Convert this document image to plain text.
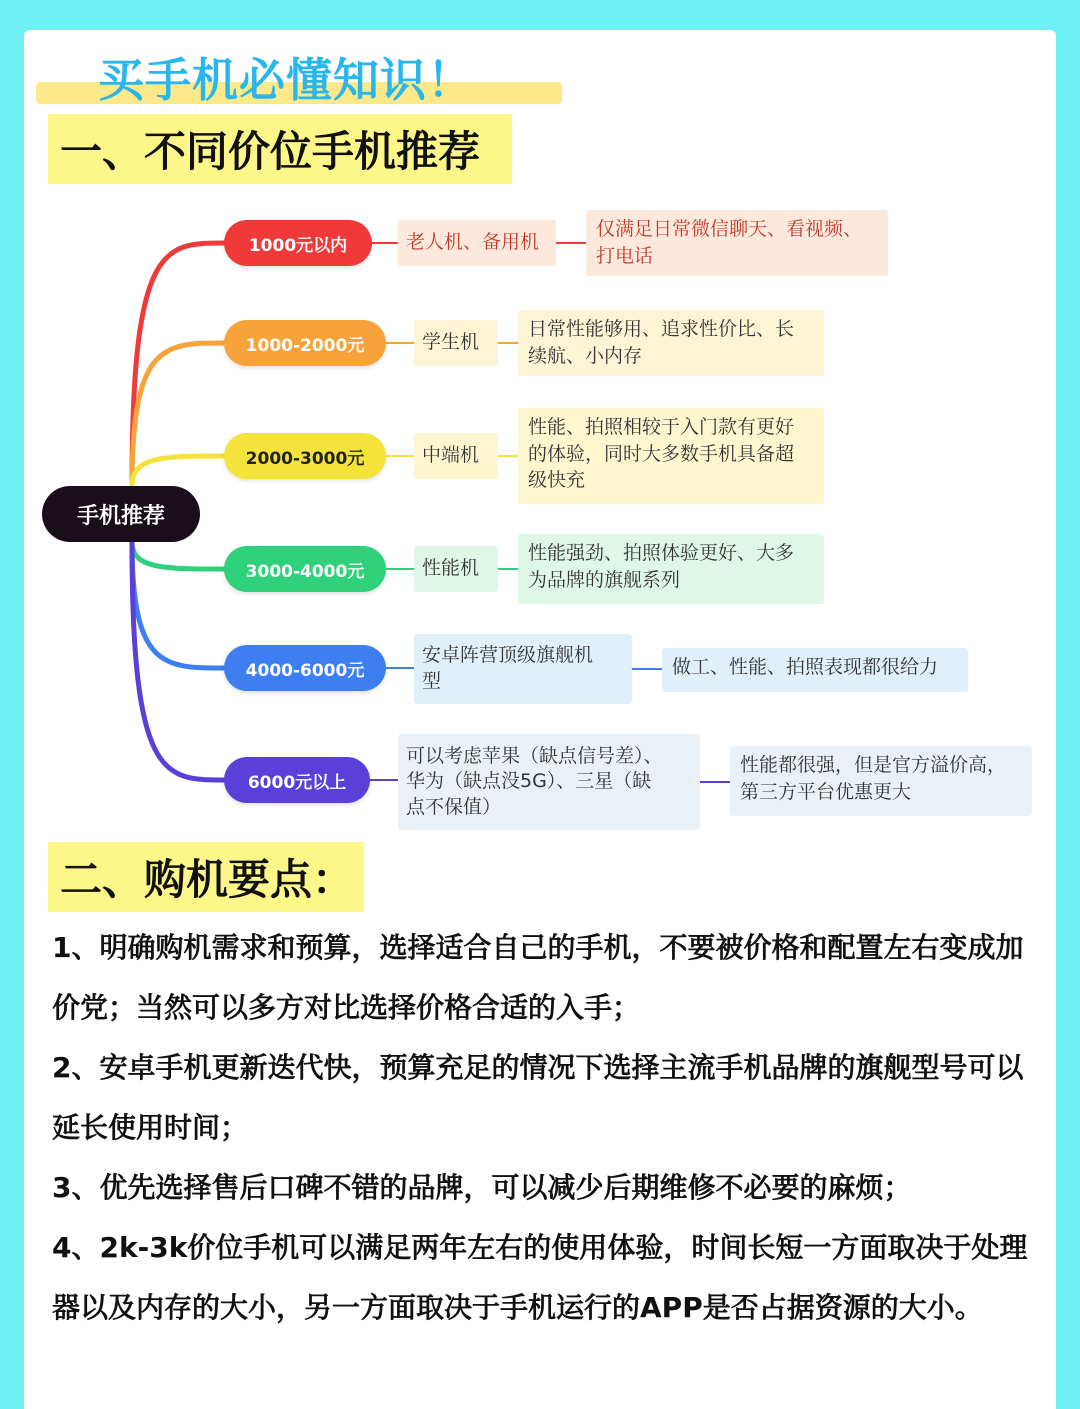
买手机必懂知识！
一、不同价位手机推荐
手机推荐
1000元以内	老人机、备用机
仅满足日常微信聊天、看视频、
打电话
1000-2000元	学生机
日常性能够用、追求性价比、长
续航、小内存
2000-3000元	中端机
性能、拍照相较于入门款有更好
的体验，同时大多数手机具备超
级快充
3000-4000元	性能机
性能强劲、拍照体验更好、大多
为品牌的旗舰系列
4000-6000元
安卓阵营顶级旗舰机
型
做工、性能、拍照表现都很给力
6000元以上
可以考虑苹果（缺点信号差）、
华为（缺点没5G）、三星（缺
点不保值）
性能都很强，但是官方溢价高，
第三方平台优惠更大
二、购机要点：

1、明确购机需求和预算，选择适合自己的手机，不要被价格和配置左右变成加价党；当然可以多方对比选择价格合适的入手；

2、安卓手机更新迭代快，预算充足的情况下选择主流手机品牌的旗舰型号可以延长使用时间；

3、优先选择售后口碑不错的品牌，可以减少后期维修不必要的麻烦；

4、2k-3k价位手机可以满足两年左右的使用体验，时间长短一方面取决于处理器以及内存的大小，另一方面取决于手机运行的APP是否占据资源的大小。
